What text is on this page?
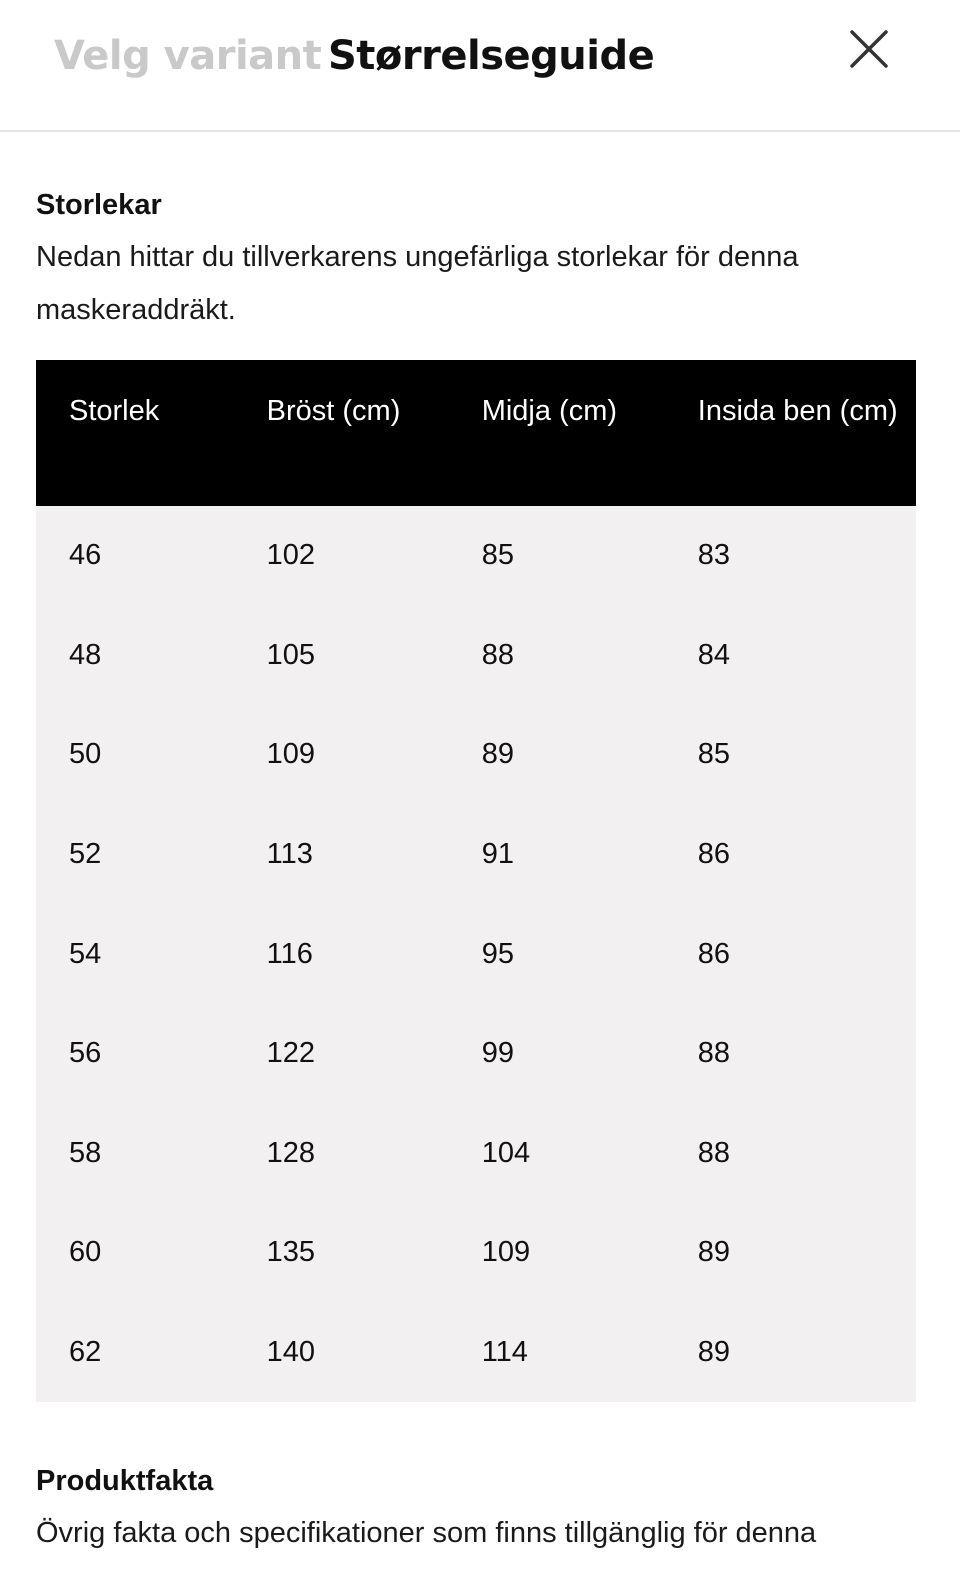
Velg variant Størrelseguide
Storlekar
Nedan hittar du tillverkarens ungefärliga storlekar för denna maskeraddräkt.
Storlek	Bröst (cm)	Midja (cm)	Insida ben (cm)
46	102	85	83
48	105	88	84
50	109	89	85
52	113	91	86
54	116	95	86
56	122	99	88
58	128	104	88
60	135	109	89
62	140	114	89
Produktfakta
Övrig fakta och specifikationer som finns tillgänglig för denna
